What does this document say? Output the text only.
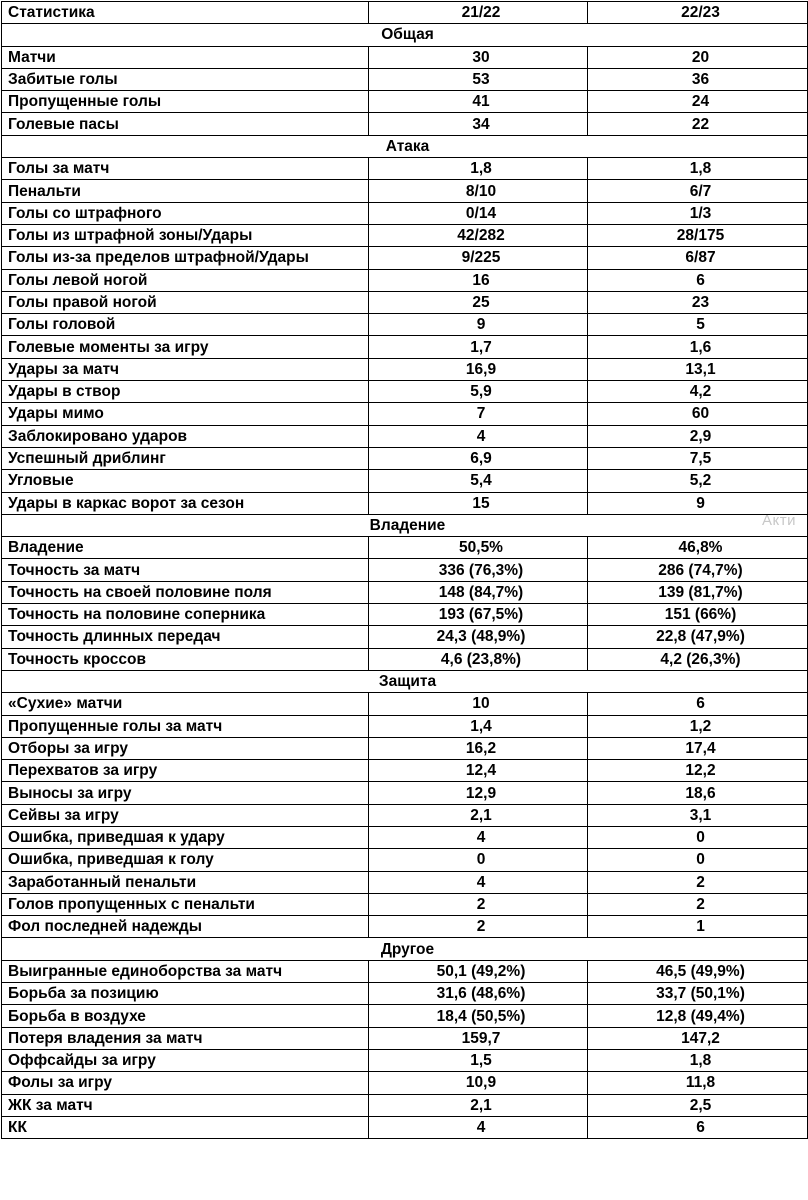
Статистика	21/22	22/23
Общая		
Матчи	30	20
Забитые голы	53	36
Пропущенные голы	41	24
Голевые пасы	34	22
Атака		
Голы за матч	1,8	1,8
Пенальти	8/10	6/7
Голы со штрафного	0/14	1/3
Голы из штрафной зоны/Удары	42/282	28/175
Голы из-за пределов штрафной/Удары	9/225	6/87
Голы левой ногой	16	6
Голы правой ногой	25	23
Голы головой	9	5
Голевые моменты за игру	1,7	1,6
Удары за матч	16,9	13,1
Удары в створ	5,9	4,2
Удары мимо	7	60
Заблокировано ударов	4	2,9
Успешный дриблинг	6,9	7,5
Угловые	5,4	5,2
Удары в каркас ворот за сезон	15	9
Владение		
Владение	50,5%	46,8%
Точность за матч	336 (76,3%)	286 (74,7%)
Точность на своей половине поля	148 (84,7%)	139 (81,7%)
Точность на половине соперника	193 (67,5%)	151 (66%)
Точность длинных передач	24,3 (48,9%)	22,8 (47,9%)
Точность кроссов	4,6 (23,8%)	4,2 (26,3%)
Защита		
«Сухие» матчи	10	6
Пропущенные голы за матч	1,4	1,2
Отборы за игру	16,2	17,4
Перехватов за игру	12,4	12,2
Выносы за игру	12,9	18,6
Сейвы за игру	2,1	3,1
Ошибка, приведшая к удару	4	0
Ошибка, приведшая к голу	0	0
Заработанный пенальти	4	2
Голов пропущенных с пенальти	2	2
Фол последней надежды	2	1
Другое		
Выигранные единоборства за матч	50,1 (49,2%)	46,5 (49,9%)
Борьба за позицию	31,6 (48,6%)	33,7 (50,1%)
Борьба в воздухе	18,4 (50,5%)	12,8 (49,4%)
Потеря владения за матч	159,7	147,2
Оффсайды за игру	1,5	1,8
Фолы за игру	10,9	11,8
ЖК за матч	2,1	2,5
КК	4	6
Акти
